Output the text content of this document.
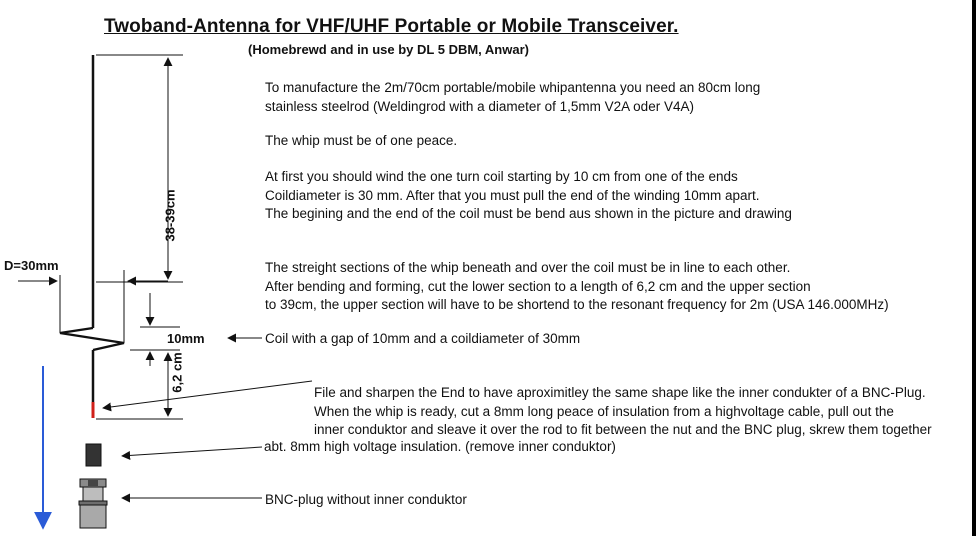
Twoband-Antenna for VHF/UHF Portable or Mobile Transceiver.
(Homebrewd and in use by DL 5 DBM, Anwar)
To manufacture the 2m/70cm portable/mobile whipantenna you need an 80cm long
stainless steelrod (Weldingrod with a diameter of 1,5mm V2A oder V4A)
The whip must be of one peace.
At first you should wind the one turn coil starting by 10 cm from one of the ends
Coildiameter is 30 mm. After that you must pull the end of the winding 10mm apart.
The begining and the end of the coil must be bend aus shown in the picture and drawing
The streight sections of the whip beneath and over the coil must be in line to each other.
After bending and forming, cut the lower section to a length of 6,2 cm and the upper section
to 39cm, the upper section will have to be shortend to the resonant frequency for 2m (USA 146.000MHz)
Coil with a gap of 10mm and a coildiameter of 30mm
File and sharpen the End to have aproximitley the same shape like the inner condukter of a BNC-Plug.
When the whip is ready, cut a 8mm long peace of insulation from a highvoltage cable, pull out the
inner conduktor and sleave it over the rod to fit between the nut and the BNC plug, skrew them together
abt. 8mm high voltage insulation. (remove inner conduktor)
BNC-plug without inner conduktor
D=30mm
10mm
38-39cm
6,2 cm
